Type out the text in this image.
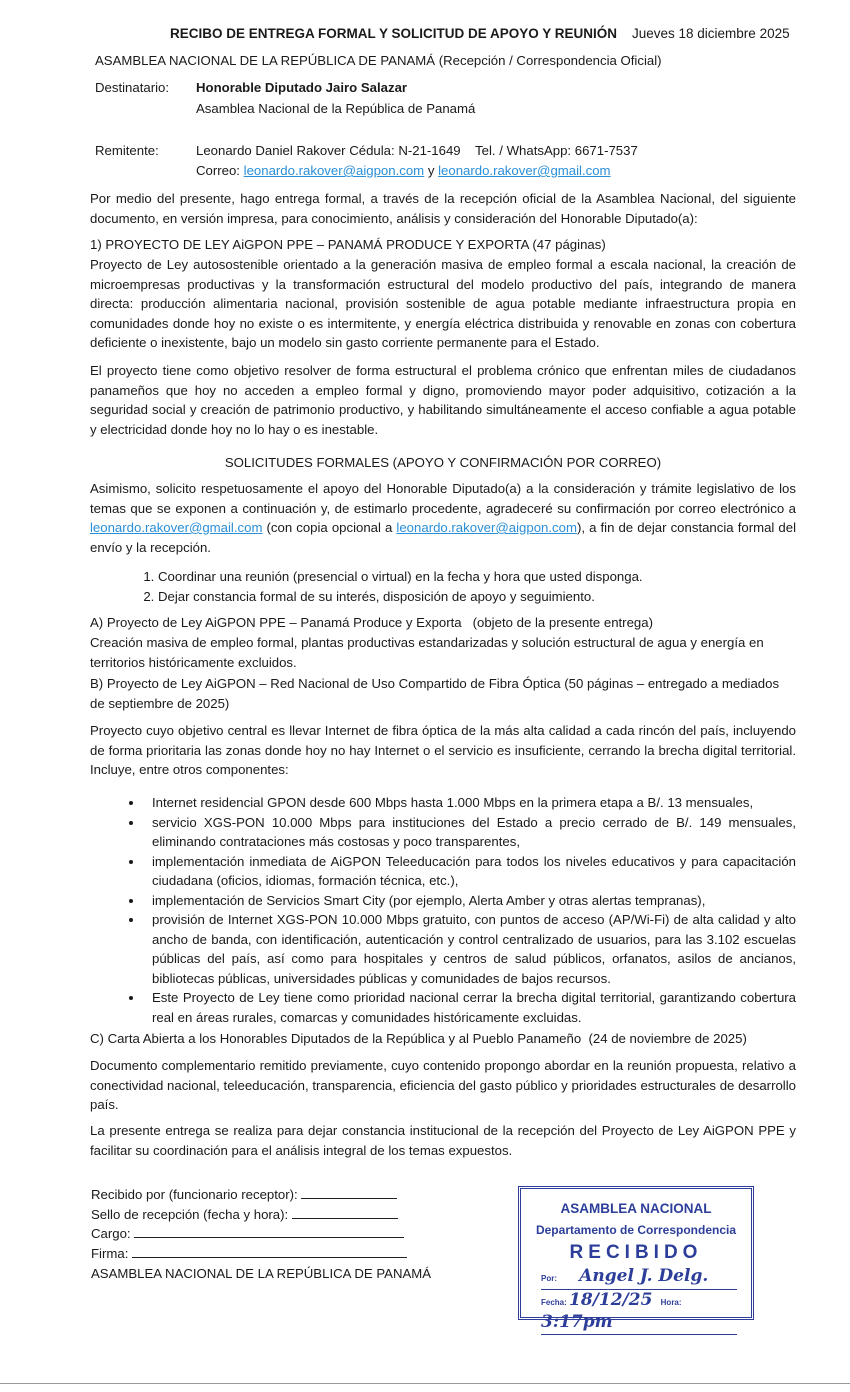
RECIBO DE ENTREGA FORMAL Y SOLICITUD DE APOYO Y REUNIÓN Jueves 18 diciembre 2025
ASAMBLEA NACIONAL DE LA REPÚBLICA DE PANAMÁ (Recepción / Correspondencia Oficial)
Destinatario: Honorable Diputado Jairo Salazar
Asamblea Nacional de la República de Panamá
Remitente:	Leonardo Daniel Rakover Cédula: N-21-1649    Tel. / WhatsApp: 6671-7537
Correo: leonardo.rakover@aigpon.com y leonardo.rakover@gmail.com
Por medio del presente, hago entrega formal, a través de la recepción oficial de la Asamblea Nacional, del siguiente documento, en versión impresa, para conocimiento, análisis y consideración del Honorable Diputado(a):
1) PROYECTO DE LEY AiGPON PPE – PANAMÁ PRODUCE Y EXPORTA (47 páginas)
Proyecto de Ley autosostenible orientado a la generación masiva de empleo formal a escala nacional, la creación de microempresas productivas y la transformación estructural del modelo productivo del país, integrando de manera directa: producción alimentaria nacional, provisión sostenible de agua potable mediante infraestructura propia en comunidades donde hoy no existe o es intermitente, y energía eléctrica distribuida y renovable en zonas con cobertura deficiente o inexistente, bajo un modelo sin gasto corriente permanente para el Estado.
El proyecto tiene como objetivo resolver de forma estructural el problema crónico que enfrentan miles de ciudadanos panameños que hoy no acceden a empleo formal y digno, promoviendo mayor poder adquisitivo, cotización a la seguridad social y creación de patrimonio productivo, y habilitando simultáneamente el acceso confiable a agua potable y electricidad donde hoy no lo hay o es inestable.
SOLICITUDES FORMALES (APOYO Y CONFIRMACIÓN POR CORREO)
Asimismo, solicito respetuosamente el apoyo del Honorable Diputado(a) a la consideración y trámite legislativo de los temas que se exponen a continuación y, de estimarlo procedente, agradeceré su confirmación por correo electrónico a leonardo.rakover@gmail.com (con copia opcional a leonardo.rakover@aigpon.com), a fin de dejar constancia formal del envío y la recepción.
1. Coordinar una reunión (presencial o virtual) en la fecha y hora que usted disponga.
2. Dejar constancia formal de su interés, disposición de apoyo y seguimiento.
A) Proyecto de Ley AiGPON PPE – Panamá Produce y Exporta   (objeto de la presente entrega)
Creación masiva de empleo formal, plantas productivas estandarizadas y solución estructural de agua y energía en territorios históricamente excluidos.
B) Proyecto de Ley AiGPON – Red Nacional de Uso Compartido de Fibra Óptica (50 páginas – entregado a mediados de septiembre de 2025)
Proyecto cuyo objetivo central es llevar Internet de fibra óptica de la más alta calidad a cada rincón del país, incluyendo de forma prioritaria las zonas donde hoy no hay Internet o el servicio es insuficiente, cerrando la brecha digital territorial. Incluye, entre otros componentes:
• Internet residencial GPON desde 600 Mbps hasta 1.000 Mbps en la primera etapa a B/. 13 mensuales,
• servicio XGS-PON 10.000 Mbps para instituciones del Estado a precio cerrado de B/. 149 mensuales, eliminando contrataciones más costosas y poco transparentes,
• implementación inmediata de AiGPON Teleeducación para todos los niveles educativos y para capacitación ciudadana (oficios, idiomas, formación técnica, etc.),
• implementación de Servicios Smart City (por ejemplo, Alerta Amber y otras alertas tempranas),
• provisión de Internet XGS-PON 10.000 Mbps gratuito, con puntos de acceso (AP/Wi-Fi) de alta calidad y alto ancho de banda, con identificación, autenticación y control centralizado de usuarios, para las 3.102 escuelas públicas del país, así como para hospitales y centros de salud públicos, orfanatos, asilos de ancianos, bibliotecas públicas, universidades públicas y comunidades de bajos recursos.
• Este Proyecto de Ley tiene como prioridad nacional cerrar la brecha digital territorial, garantizando cobertura real en áreas rurales, comarcas y comunidades históricamente excluidas.
C) Carta Abierta a los Honorables Diputados de la República y al Pueblo Panameño  (24 de noviembre de 2025)
Documento complementario remitido previamente, cuyo contenido propongo abordar en la reunión propuesta, relativo a conectividad nacional, teleeducación, transparencia, eficiencia del gasto público y prioridades estructurales de desarrollo país.
La presente entrega se realiza para dejar constancia institucional de la recepción del Proyecto de Ley AiGPON PPE y facilitar su coordinación para el análisis integral de los temas expuestos.
Recibido por (funcionario receptor):
Sello de recepción (fecha y hora):
Cargo:
Firma:
ASAMBLEA NACIONAL DE LA REPÚBLICA DE PANAMÁ
ASAMBLEA NACIONAL
Departamento de Correspondencia
RECIBIDO
Por: Angel J. Delg.
Fecha: 18/12/25 Hora: 3:17pm
